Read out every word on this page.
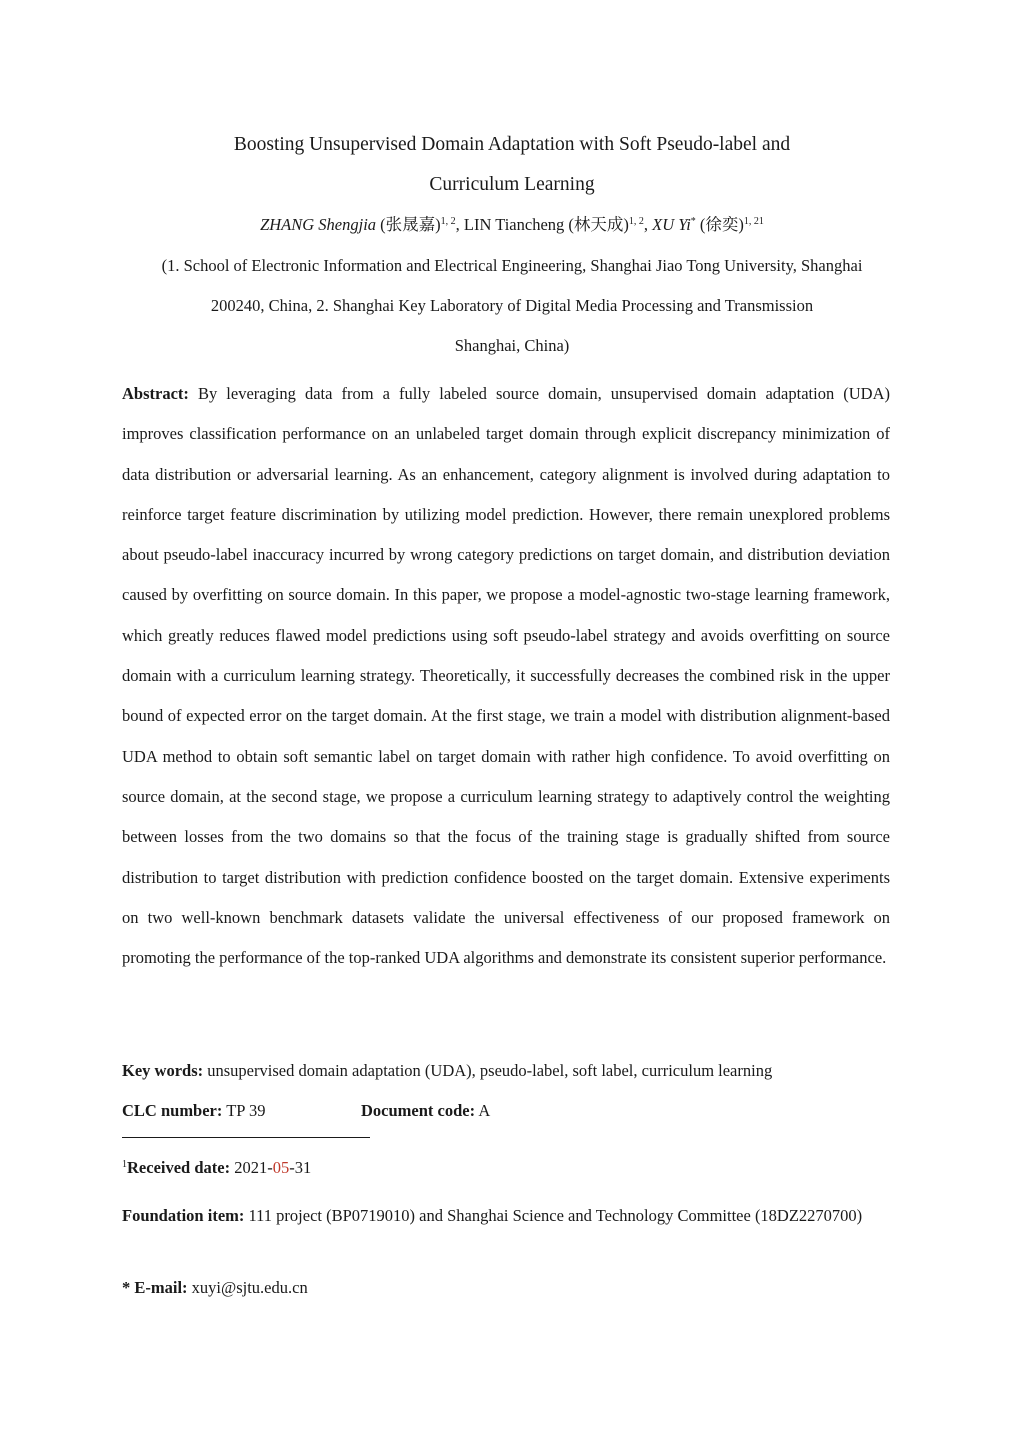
Boosting Unsupervised Domain Adaptation with Soft Pseudo-label and
Curriculum Learning
ZHANG Shengjia (张晟嘉)$^{1, 2}$, LIN Tiancheng (林天成)$^{1, 2}$, XU Yi* (徐奕)$^{1, 21}$
(1. School of Electronic Information and Electrical Engineering, Shanghai Jiao Tong University, Shanghai
200240, China, 2. Shanghai Key Laboratory of Digital Media Processing and Transmission
Shanghai, China)

Abstract: By leveraging data from a fully labeled source domain, unsupervised domain adaptation (UDA) improves classification performance on an unlabeled target domain through explicit discrepancy minimization of data distribution or adversarial learning. As an enhancement, category alignment is involved during adaptation to reinforce target feature discrimination by utilizing model prediction. However, there remain unexplored problems about pseudo-label inaccuracy incurred by wrong category predictions on target domain, and distribution deviation caused by overfitting on source domain. In this paper, we propose a model-agnostic two-stage learning framework, which greatly reduces flawed model predictions using soft pseudo-label strategy and avoids overfitting on source domain with a curriculum learning strategy. Theoretically, it successfully decreases the combined risk in the upper bound of expected error on the target domain. At the first stage, we train a model with distribution alignment-based UDA method to obtain soft semantic label on target domain with rather high confidence. To avoid overfitting on source domain, at the second stage, we propose a curriculum learning strategy to adaptively control the weighting between losses from the two domains so that the focus of the training stage is gradually shifted from source distribution to target distribution with prediction confidence boosted on the target domain. Extensive experiments on two well-known benchmark datasets validate the universal effectiveness of our proposed framework on promoting the performance of the top-ranked UDA algorithms and demonstrate its consistent superior performance.

Key words: unsupervised domain adaptation (UDA), pseudo-label, soft label, curriculum learning
CLC number: TP 39	Document code: A
$^1$Received date: 2021-05-31

Foundation item: 111 project (BP0719010) and Shanghai Science and Technology Committee (18DZ2270700)

* E-mail: xuyi@sjtu.edu.cn
